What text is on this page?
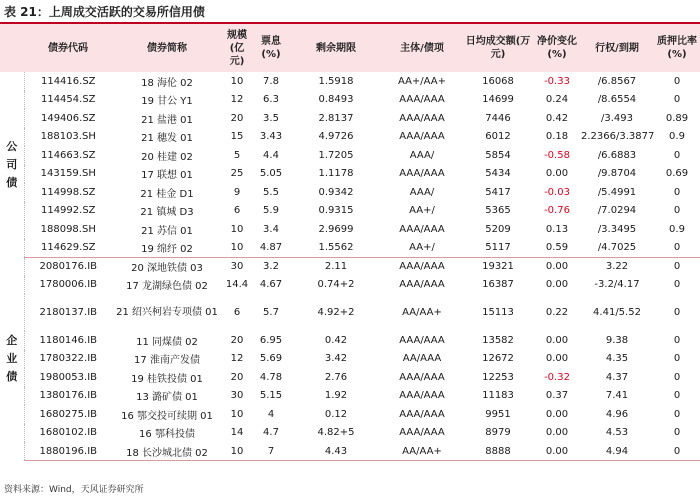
表 21：上周成交活跃的交易所信用债
	债券代码	债券简称	规模(亿元)	票息(%)	剩余期限	主体/债项	日均成交额(万元)	净价变化(%)	行权/到期	质押比率(%)

公
司
债	114416.SZ	18 海伦 02	10	7.8	1.5918	AA+/AA+	16068	-0.33	/6.8567	0
	114454.SZ	19 甘公 Y1	12	6.3	0.8493	AAA/AAA	14699	0.24	/8.6554	0
	149406.SZ	21 盐港 01	20	3.5	2.8137	AAA/AAA	7446	0.42	/3.493	0.89
	188103.SH	21 穗发 01	15	3.43	4.9726	AAA/AAA	6012	0.18	2.2366/3.3877	0.9
	114663.SZ	20 桂建 02	5	4.4	1.7205	AAA/	5854	-0.58	/6.6883	0
	143159.SH	17 联想 01	25	5.05	1.1178	AAA/AAA	5434	0.00	/9.8704	0.69
	114998.SZ	21 桂金 D1	9	5.5	0.9342	AAA/	5417	-0.03	/5.4991	0
	114992.SZ	21 镇城 D3	6	5.9	0.9315	AA+/	5365	-0.76	/7.0294	0
	188098.SH	21 苏信 01	10	3.4	2.9699	AAA/AAA	5209	0.13	/3.3495	0.9
	114629.SZ	19 绵纾 02	10	4.87	1.5562	AA+/	5117	0.59	/4.7025	0

企
业
债	2080176.IB	20 深地铁债 03	30	3.2	2.11	AAA/AAA	19321	0.00	3.22	0
	1780006.IB	17 龙湖绿色债 02	14.4	4.67	0.74+2	AAA/AAA	16387	0.00	-3.2/4.17	0
	2180137.IB	21 绍兴柯岩专项债 01	6	5.7	4.92+2	AA/AA+	15113	0.22	4.41/5.52	0
	1180146.IB	11 同煤债 02	20	6.95	0.42	AAA/AAA	13582	0.00	9.38	0
	1780322.IB	17 淮南产发债	12	5.69	3.42	AA/AAA	12672	0.00	4.35	0
	1980053.IB	19 桂铁投债 01	20	4.78	2.76	AAA/AAA	12253	-0.32	4.37	0
	1380176.IB	13 潞矿债 01	30	5.15	1.92	AAA/AAA	11183	0.37	7.41	0
	1680275.IB	16 鄂交投可续期 01	10	4	0.12	AAA/AAA	9951	0.00	4.96	0
	1680102.IB	16 鄂科投债	14	4.7	4.82+5	AAA/AAA	8979	0.00	4.53	0
	1880196.IB	18 长沙城北债 02	10	7	4.43	AA/AA+	8888	0.00	4.94	0
资料来源：Wind，天风证券研究所
